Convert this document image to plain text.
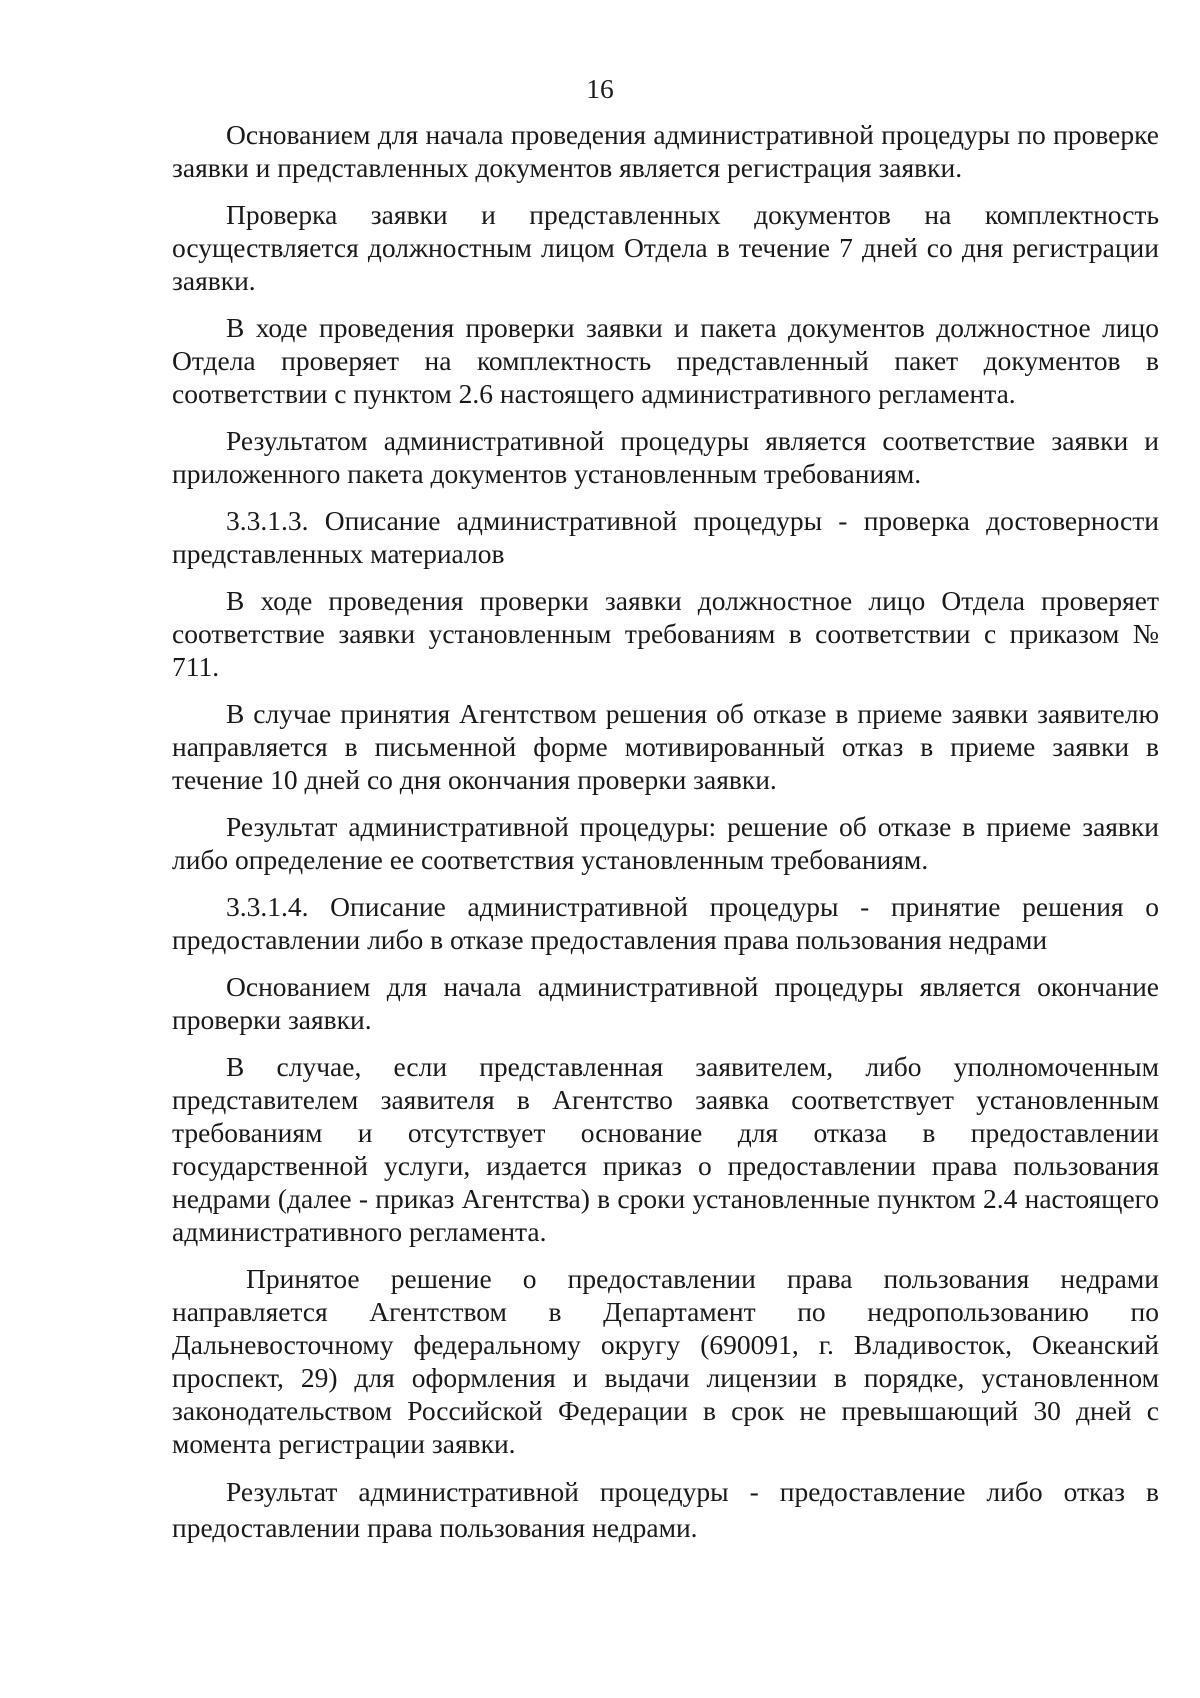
16

Основанием для начала проведения административной процедуры по проверке заявки и представленных документов является регистрация заявки.

Проверка заявки и представленных документов на комплектность осуществляется должностным лицом Отдела в течение 7 дней со дня регистрации заявки.

В ходе проведения проверки заявки и пакета документов должностное лицо Отдела проверяет на комплектность представленный пакет документов в соответствии с пунктом 2.6 настоящего административного регламента.

Результатом административной процедуры является соответствие заявки и приложенного пакета документов установленным требованиям.

3.3.1.3. Описание административной процедуры - проверка достоверности представленных материалов

В ходе проведения проверки заявки должностное лицо Отдела проверяет соответствие заявки установленным требованиям в соответствии с приказом № 711.

В случае принятия Агентством решения об отказе в приеме заявки заявителю направляется в письменной форме мотивированный отказ в приеме заявки в течение 10 дней со дня окончания проверки заявки.

Результат административной процедуры: решение об отказе в приеме заявки либо определение ее соответствия установленным требованиям.

3.3.1.4. Описание административной процедуры - принятие решения о предоставлении либо в отказе предоставления права пользования недрами

Основанием для начала административной процедуры является окончание проверки заявки.

В случае, если представленная заявителем, либо уполномоченным представителем заявителя в Агентство заявка соответствует установленным требованиям и отсутствует основание для отказа в предоставлении государственной услуги, издается приказ о предоставлении права пользования недрами (далее - приказ Агентства) в сроки установленные пунктом 2.4 настоящего административного регламента.

Принятое решение о предоставлении права пользования недрами направляется Агентством в Департамент по недропользованию по Дальневосточному федеральному округу (690091, г. Владивосток, Океанский проспект, 29) для оформления и выдачи лицензии в порядке, установленном законодательством Российской Федерации в срок не превышающий 30 дней с момента регистрации заявки.

Результат административной процедуры - предоставление либо отказ в предоставлении права пользования недрами.
